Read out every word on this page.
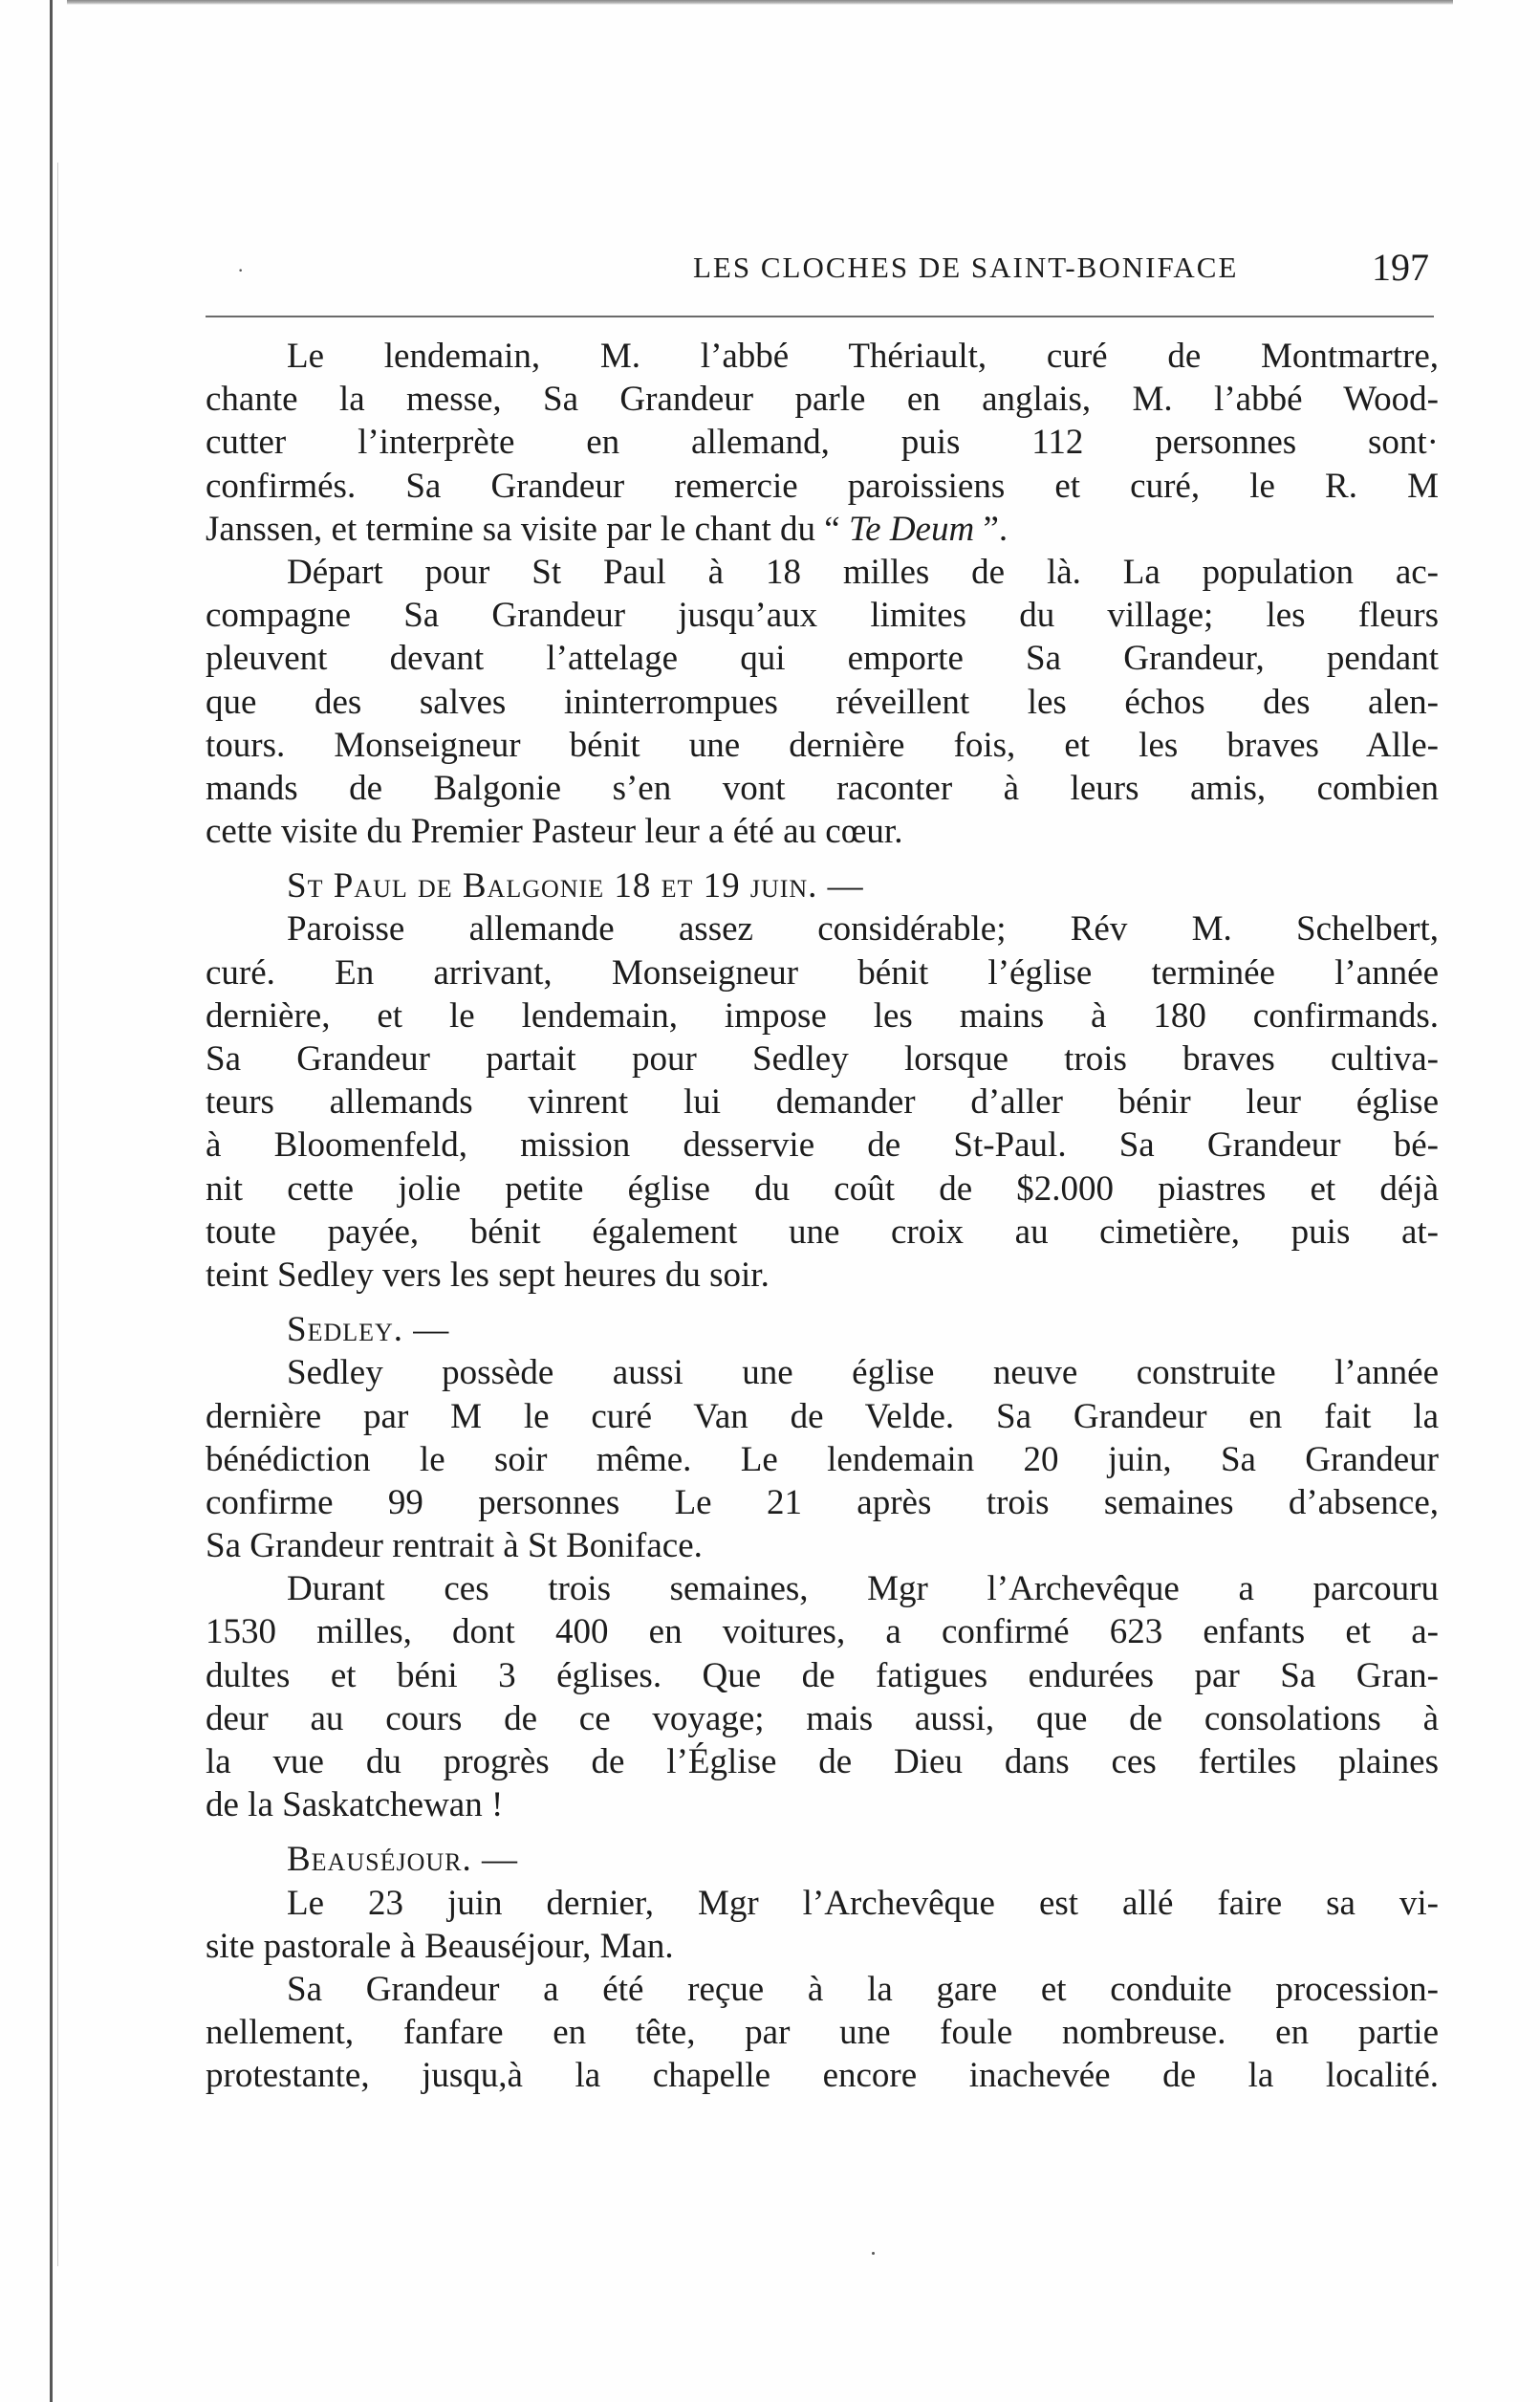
·	LES CLOCHES DE SAINT-BONIFACE	197
Le lendemain, M. l’abbé Thériault, curé de Montmartre,
chante la messe, Sa Grandeur parle en anglais, M. l’abbé Wood-
cutter l’interprète en allemand, puis 112 personnes sont·
confirmés. Sa Grandeur remercie paroissiens et curé, le R. M
Janssen, et termine sa visite par le chant du “ Te Deum ”.
Départ pour St Paul à 18 milles de là. La population ac-
compagne Sa Grandeur jusqu’aux limites du village; les fleurs
pleuvent devant l’attelage qui emporte Sa Grandeur, pendant
que des salves ininterrompues réveillent les échos des alen-
tours. Monseigneur bénit une dernière fois, et les braves Alle-
mands de Balgonie s’en vont raconter à leurs amis, combien
cette visite du Premier Pasteur leur a été au cœur.
St Paul de Balgonie 18 et 19 juin. —
Paroisse allemande assez considérable; Rév M. Schelbert,
curé. En arrivant, Monseigneur bénit l’église terminée l’année
dernière, et le lendemain, impose les mains à 180 confirmands.
Sa Grandeur partait pour Sedley lorsque trois braves cultiva-
teurs allemands vinrent lui demander d’aller bénir leur église
à Bloomenfeld, mission desservie de St-Paul. Sa Grandeur bé-
nit cette jolie petite église du coût de $2.000 piastres et déjà
toute payée, bénit également une croix au cimetière, puis at-
teint Sedley vers les sept heures du soir.
Sedley. —
Sedley possède aussi une église neuve construite l’année
dernière par M le curé Van de Velde. Sa Grandeur en fait la
bénédiction le soir même. Le lendemain 20 juin, Sa Grandeur
confirme 99 personnes Le 21 après trois semaines d’absence,
Sa Grandeur rentrait à St Boniface.
Durant ces trois semaines, Mgr l’Archevêque a parcouru
1530 milles, dont 400 en voitures, a confirmé 623 enfants et a-
dultes et béni 3 églises. Que de fatigues endurées par Sa Gran-
deur au cours de ce voyage; mais aussi, que de consolations à
la vue du progrès de l’Église de Dieu dans ces fertiles plaines
de la Saskatchewan !
Beauséjour. —
Le 23 juin dernier, Mgr l’Archevêque est allé faire sa vi-
site pastorale à Beauséjour, Man.
Sa Grandeur a été reçue à la gare et conduite procession-
nellement, fanfare en tête, par une foule nombreuse. en partie
protestante, jusqu,à la chapelle encore inachevée de la localité.
